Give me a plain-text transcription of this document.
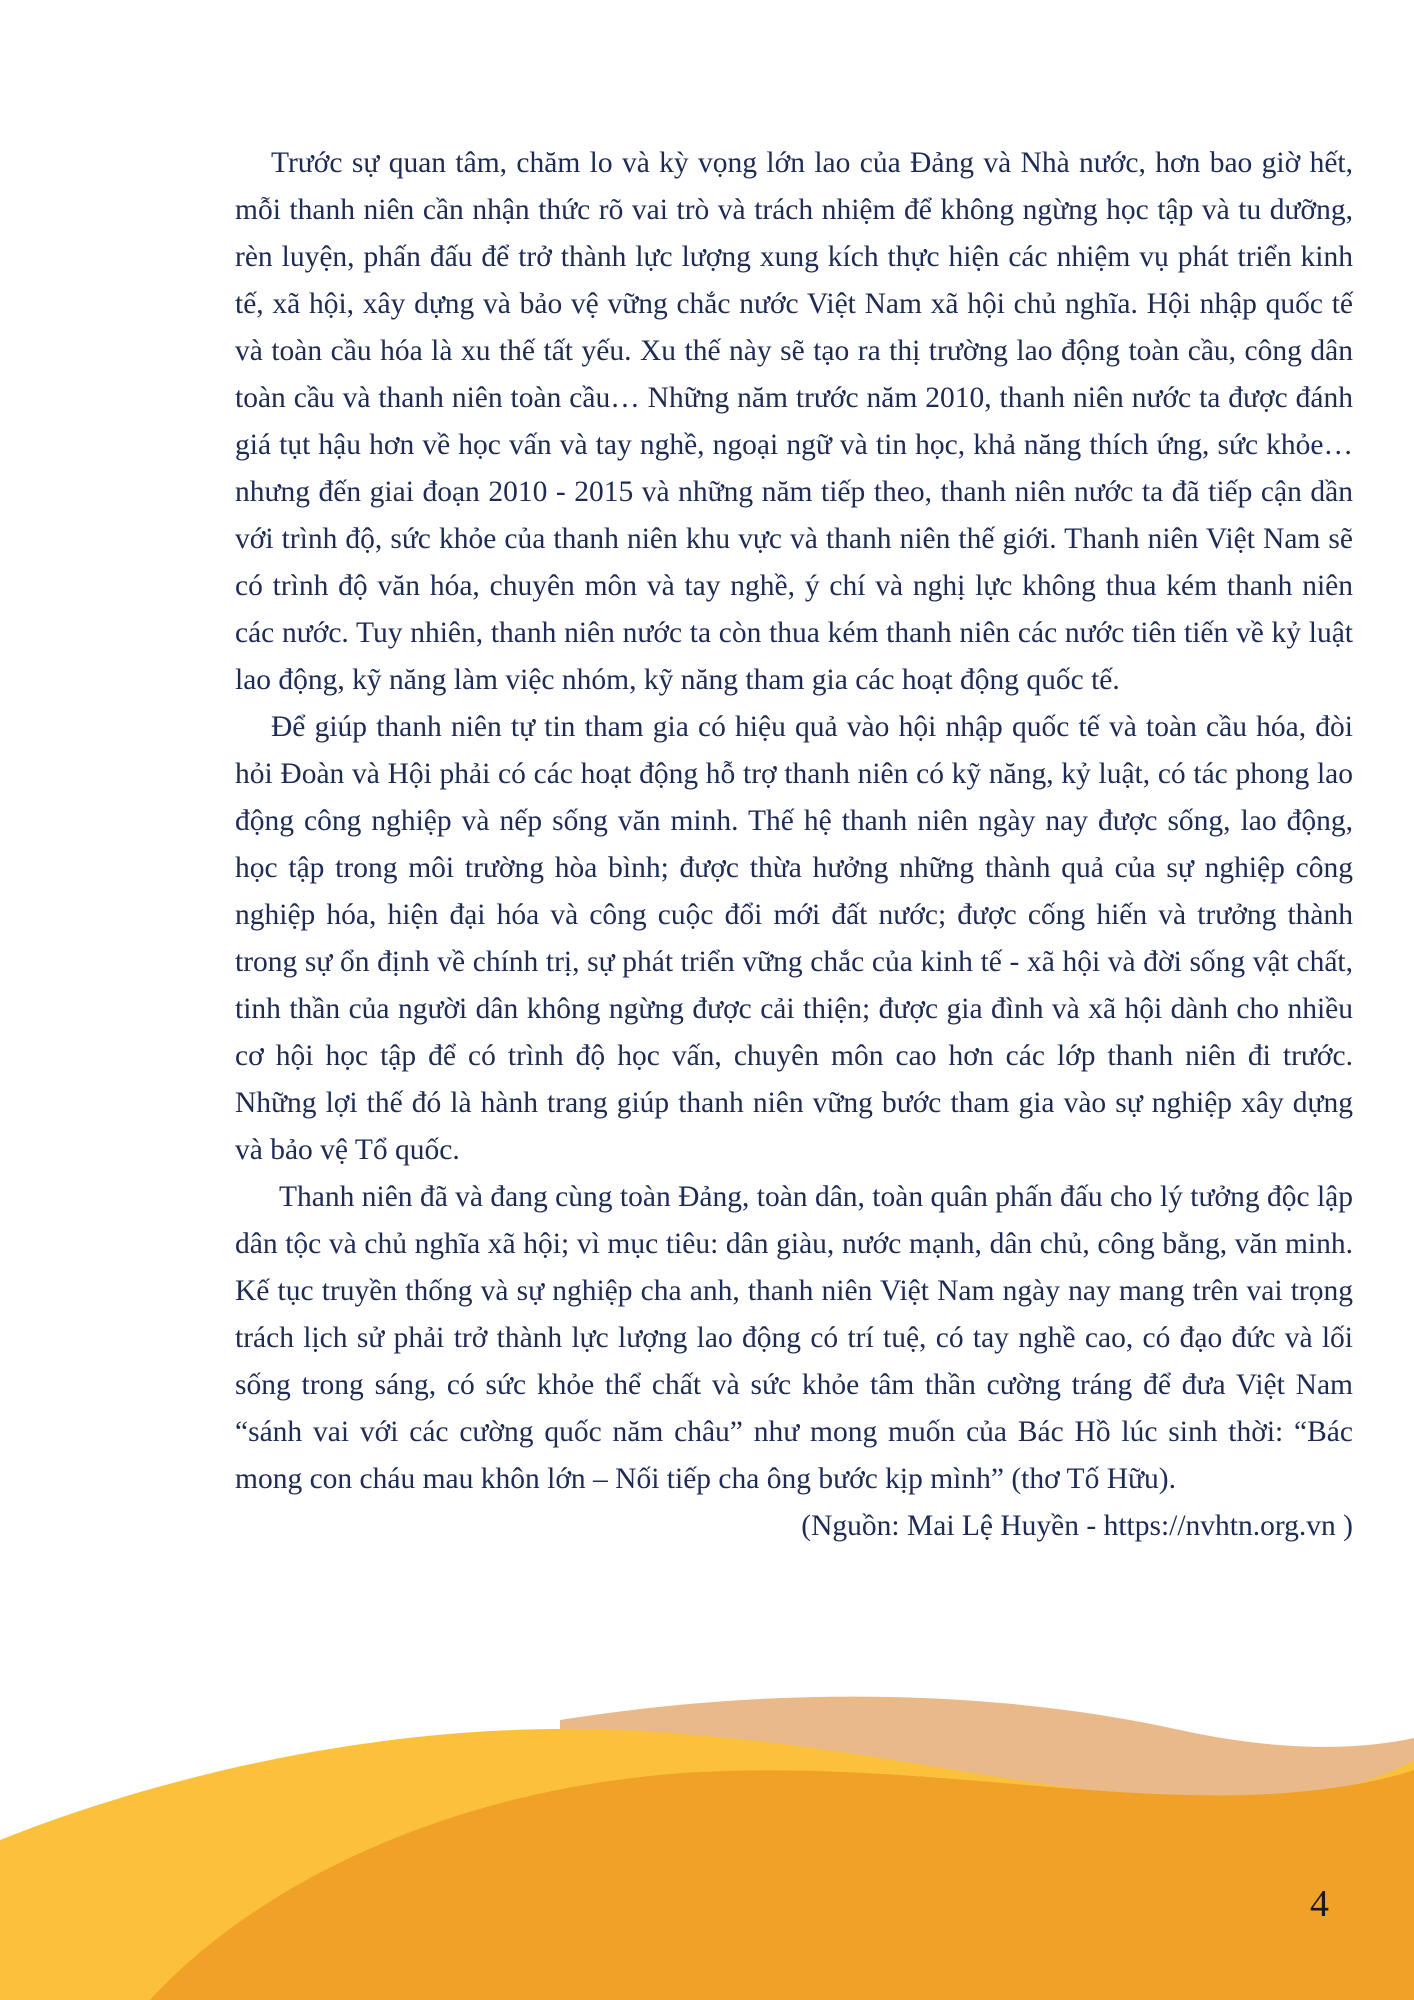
Trước sự quan tâm, chăm lo và kỳ vọng lớn lao của Đảng và Nhà nước, hơn bao giờ hết, mỗi thanh niên cần nhận thức rõ vai trò và trách nhiệm để không ngừng học tập và tu dưỡng, rèn luyện, phấn đấu để trở thành lực lượng xung kích thực hiện các nhiệm vụ phát triển kinh tế, xã hội, xây dựng và bảo vệ vững chắc nước Việt Nam xã hội chủ nghĩa. Hội nhập quốc tế và toàn cầu hóa là xu thế tất yếu. Xu thế này sẽ tạo ra thị trường lao động toàn cầu, công dân toàn cầu và thanh niên toàn cầu… Những năm trước năm 2010, thanh niên nước ta được đánh giá tụt hậu hơn về học vấn và tay nghề, ngoại ngữ và tin học, khả năng thích ứng, sức khỏe… nhưng đến giai đoạn 2010 - 2015 và những năm tiếp theo, thanh niên nước ta đã tiếp cận dần với trình độ, sức khỏe của thanh niên khu vực và thanh niên thế giới. Thanh niên Việt Nam sẽ có trình độ văn hóa, chuyên môn và tay nghề, ý chí và nghị lực không thua kém thanh niên các nước. Tuy nhiên, thanh niên nước ta còn thua kém thanh niên các nước tiên tiến về kỷ luật lao động, kỹ năng làm việc nhóm, kỹ năng tham gia các hoạt động quốc tế.

Để giúp thanh niên tự tin tham gia có hiệu quả vào hội nhập quốc tế và toàn cầu hóa, đòi hỏi Đoàn và Hội phải có các hoạt động hỗ trợ thanh niên có kỹ năng, kỷ luật, có tác phong lao động công nghiệp và nếp sống văn minh. Thế hệ thanh niên ngày nay được sống, lao động, học tập trong môi trường hòa bình; được thừa hưởng những thành quả của sự nghiệp công nghiệp hóa, hiện đại hóa và công cuộc đổi mới đất nước; được cống hiến và trưởng thành trong sự ổn định về chính trị, sự phát triển vững chắc của kinh tế - xã hội và đời sống vật chất, tinh thần của người dân không ngừng được cải thiện; được gia đình và xã hội dành cho nhiều cơ hội học tập để có trình độ học vấn, chuyên môn cao hơn các lớp thanh niên đi trước. Những lợi thế đó là hành trang giúp thanh niên vững bước tham gia vào sự nghiệp xây dựng và bảo vệ Tổ quốc.

Thanh niên đã và đang cùng toàn Đảng, toàn dân, toàn quân phấn đấu cho lý tưởng độc lập dân tộc và chủ nghĩa xã hội; vì mục tiêu: dân giàu, nước mạnh, dân chủ, công bằng, văn minh. Kế tục truyền thống và sự nghiệp cha anh, thanh niên Việt Nam ngày nay mang trên vai trọng trách lịch sử phải trở thành lực lượng lao động có trí tuệ, có tay nghề cao, có đạo đức và lối sống trong sáng, có sức khỏe thể chất và sức khỏe tâm thần cường tráng để đưa Việt Nam “sánh vai với các cường quốc năm châu” như mong muốn của Bác Hồ lúc sinh thời: “Bác mong con cháu mau khôn lớn – Nối tiếp cha ông bước kịp mình” (thơ Tố Hữu).

(Nguồn: Mai Lệ Huyền - https://nvhtn.org.vn )

4
